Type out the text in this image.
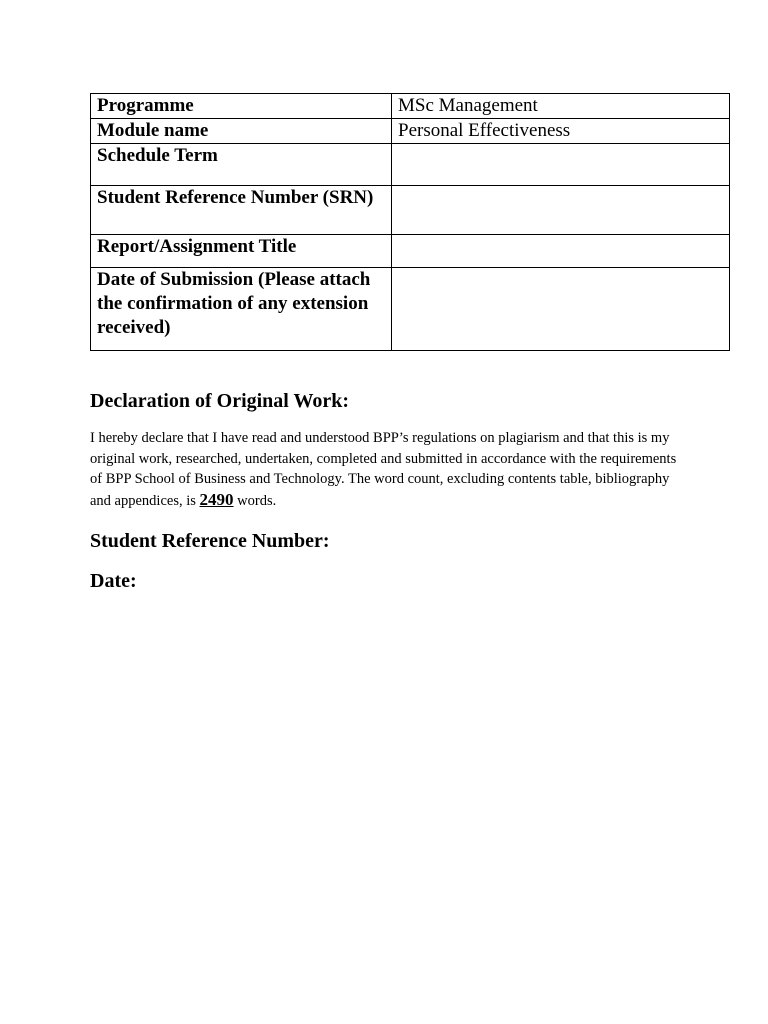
Programme	MSc Management
Module name	Personal Effectiveness
Schedule Term	
Student Reference Number (SRN)	
Report/Assignment Title	
Date of Submission (Please attach the confirmation of any extension received)	
Declaration of Original Work:

I hereby declare that I have read and understood BPP’s regulations on plagiarism and that this is my original work, researched, undertaken, completed and submitted in accordance with the requirements of BPP School of Business and Technology. The word count, excluding contents table, bibliography and appendices, is 2490 words.

Student Reference Number:
Date:
